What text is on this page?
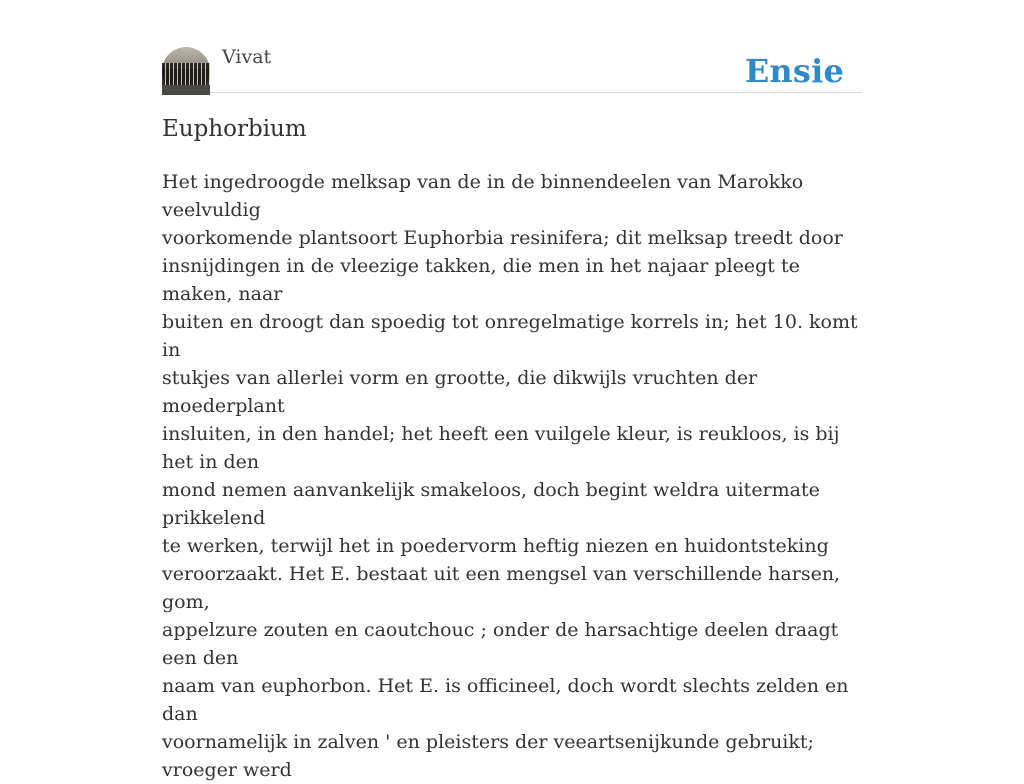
Vivat	Ensie
Euphorbium

Het ingedroogde melksap van de in de binnendeelen van Marokko veelvuldig
voorkomende plantsoort Euphorbia resinifera; dit melksap treedt door
insnijdingen in de vleezige takken, die men in het najaar pleegt te maken, naar
buiten en droogt dan spoedig tot onregelmatige korrels in; het 10. komt in
stukjes van allerlei vorm en grootte, die dikwijls vruchten der moederplant
insluiten, in den handel; het heeft een vuilgele kleur, is reukloos, is bij het in den
mond nemen aanvankelijk smakeloos, doch begint weldra uitermate prikkelend
te werken, terwijl het in poedervorm heftig niezen en huidontsteking
veroorzaakt. Het E. bestaat uit een mengsel van verschillende harsen, gom,
appelzure zouten en caoutchouc ; onder de harsachtige deelen draagt een den
naam van euphorbon. Het E. is officineel, doch wordt slechts zelden en dan
voornamelijk in zalven ' en pleisters der veeartsenijkunde gebruikt; vroeger werd
